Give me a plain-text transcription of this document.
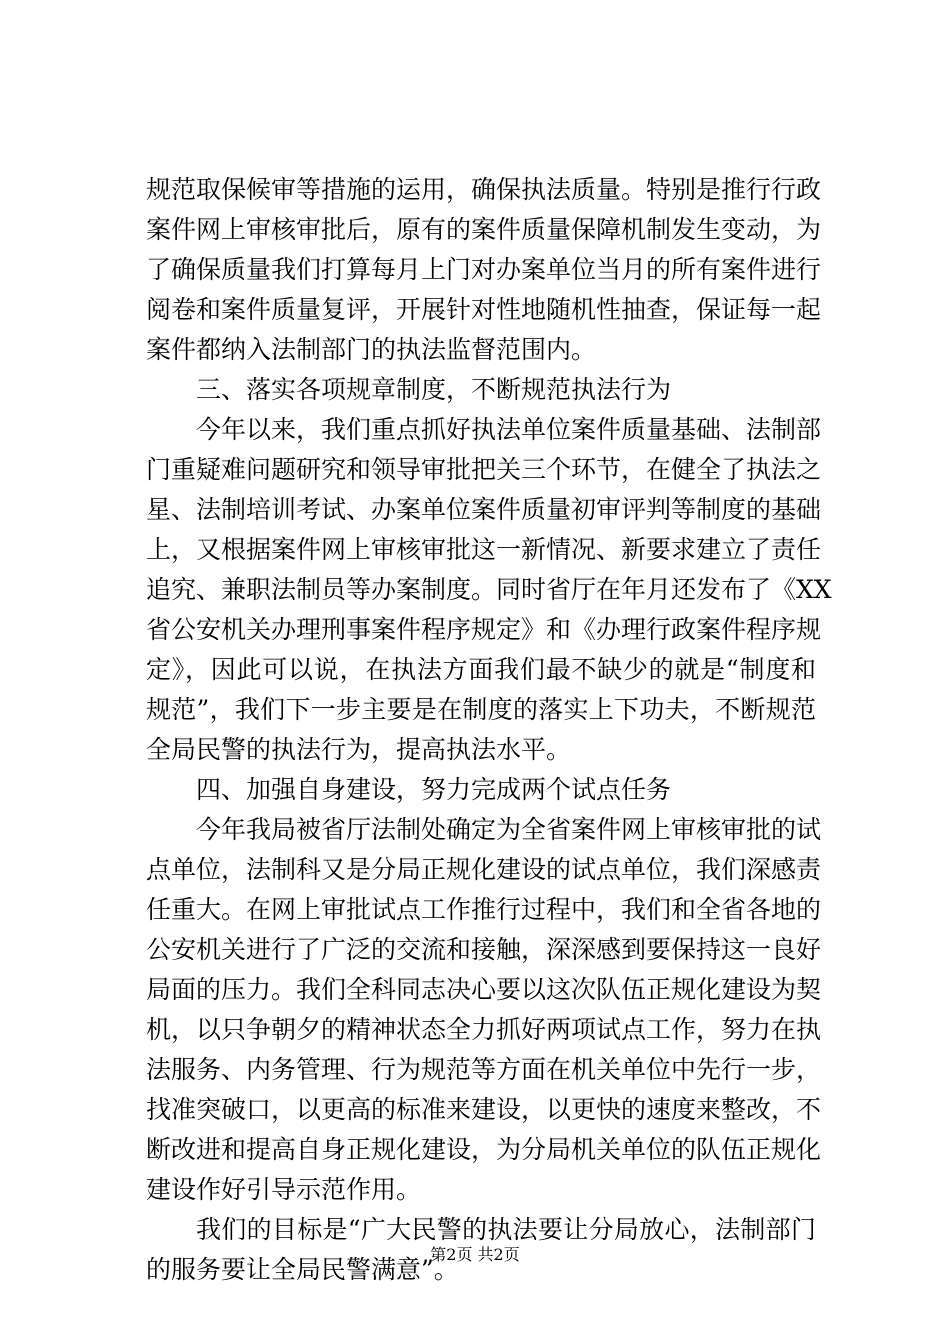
规范取保候审等措施的运用，确保执法质量。特别是推行行政
案件网上审核审批后，原有的案件质量保障机制发生变动，为
了确保质量我们打算每月上门对办案单位当月的所有案件进行
阅卷和案件质量复评，开展针对性地随机性抽查，保证每一起
案件都纳入法制部门的执法监督范围内。
三、落实各项规章制度，不断规范执法行为
今年以来，我们重点抓好执法单位案件质量基础、法制部
门重疑难问题研究和领导审批把关三个环节，在健全了执法之
星、法制培训考试、办案单位案件质量初审评判等制度的基础
上，又根据案件网上审核审批这一新情况、新要求建立了责任
追究、兼职法制员等办案制度。同时省厅在年月还发布了《XX
省公安机关办理刑事案件程序规定》和《办理行政案件程序规
定》，因此可以说，在执法方面我们最不缺少的就是“制度和
规范”，我们下一步主要是在制度的落实上下功夫，不断规范
全局民警的执法行为，提高执法水平。
四、加强自身建设，努力完成两个试点任务
今年我局被省厅法制处确定为全省案件网上审核审批的试
点单位，法制科又是分局正规化建设的试点单位，我们深感责
任重大。在网上审批试点工作推行过程中，我们和全省各地的
公安机关进行了广泛的交流和接触，深深感到要保持这一良好
局面的压力。我们全科同志决心要以这次队伍正规化建设为契
机，以只争朝夕的精神状态全力抓好两项试点工作，努力在执
法服务、内务管理、行为规范等方面在机关单位中先行一步，
找准突破口，以更高的标准来建设，以更快的速度来整改，不
断改进和提高自身正规化建设，为分局机关单位的队伍正规化
建设作好引导示范作用。
我们的目标是“广大民警的执法要让分局放心，法制部门
的服务要让全局民警满意”。
第2页 共2页
